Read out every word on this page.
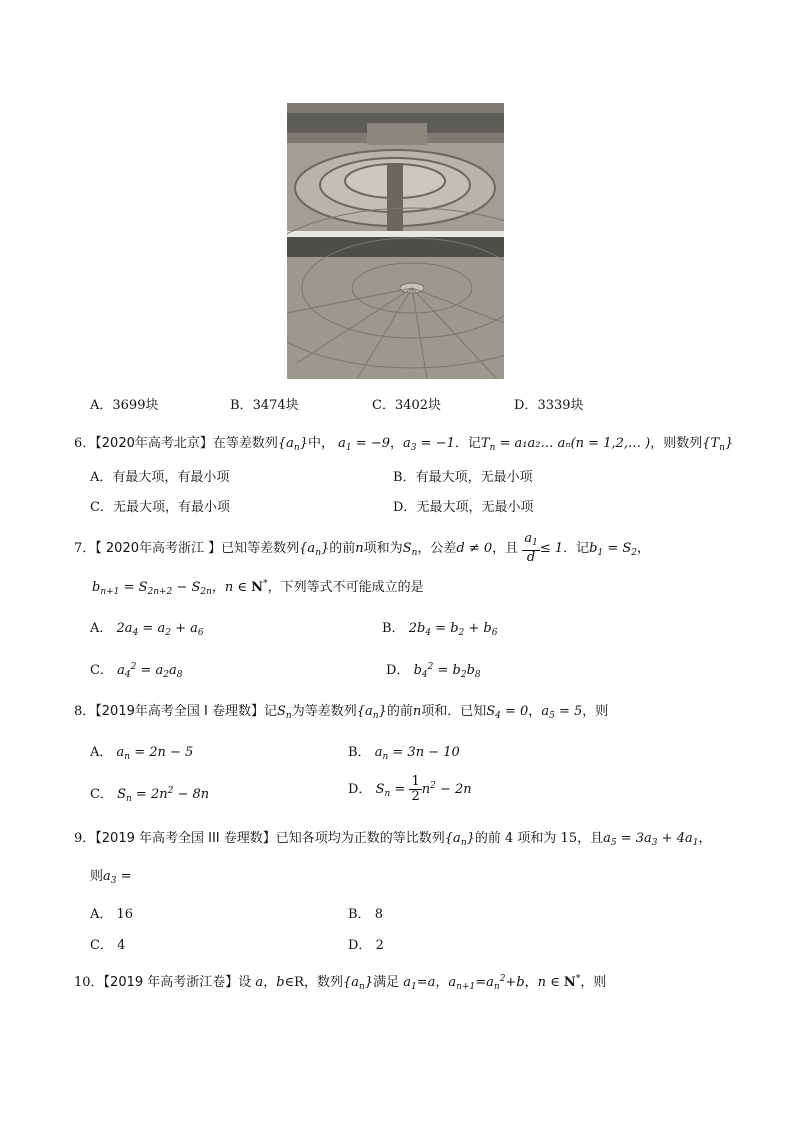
A．3699块	B．3474块	C．3402块	D．3339块
6．【2020年高考北京】在等差数列$\{a_n\}$中， $a_1 = -9$，$a_3 = -1$．记$T_n$ = a₁a₂… aₙ(n = 1,2,… )，则数列$\{T_n\}$
A．有最大项，有最小项	B．有最大项，无最小项
C．无最大项，有最小项	D．无最大项，无最小项
7．【 2020年高考浙江 】已知等差数列$\{a_n\}$的前n项和为$S_n$，公差d ≠ 0，且 $\frac{a_1}{d} \le 1$．记$b_1 = S_2$，
$b_{n+1} = S_{2n+2} - S_{2n}$，n ∈ N*，下列等式不可能成立的是
A． $2a_4 = a_2 + a_6$	B． $2b_4 = b_2 + b_6$
C． $a_4^2 = a_2a_8$	D． $b_4^2 = b_2b_8$
8．【2019年高考全国 I 卷理数】记$S_n$为等差数列$\{a_n\}$的前n项和．已知$S_4 = 0$，$a_5 = 5$，则
A． $a_n = 2n - 5$	B． $a_n = 3n - 10$
C． $S_n = 2n^2 - 8n$	D． $S_n = \frac{1}{2} n^2 - 2n$
9．【2019 年高考全国 III 卷理数】已知各项均为正数的等比数列$\{a_n\}$的前 4 项和为 15，且$a_5 = 3a_3 + 4a_1$，
则$a_3$ =
A． 16	B． 8
C． 4	D． 2
10．【2019 年高考浙江卷】设 a，b∈R，数列$\{a_n\}$满足 $a_1=a$，$a_{n+1}=a_n^2+b$，n ∈ N*，则
